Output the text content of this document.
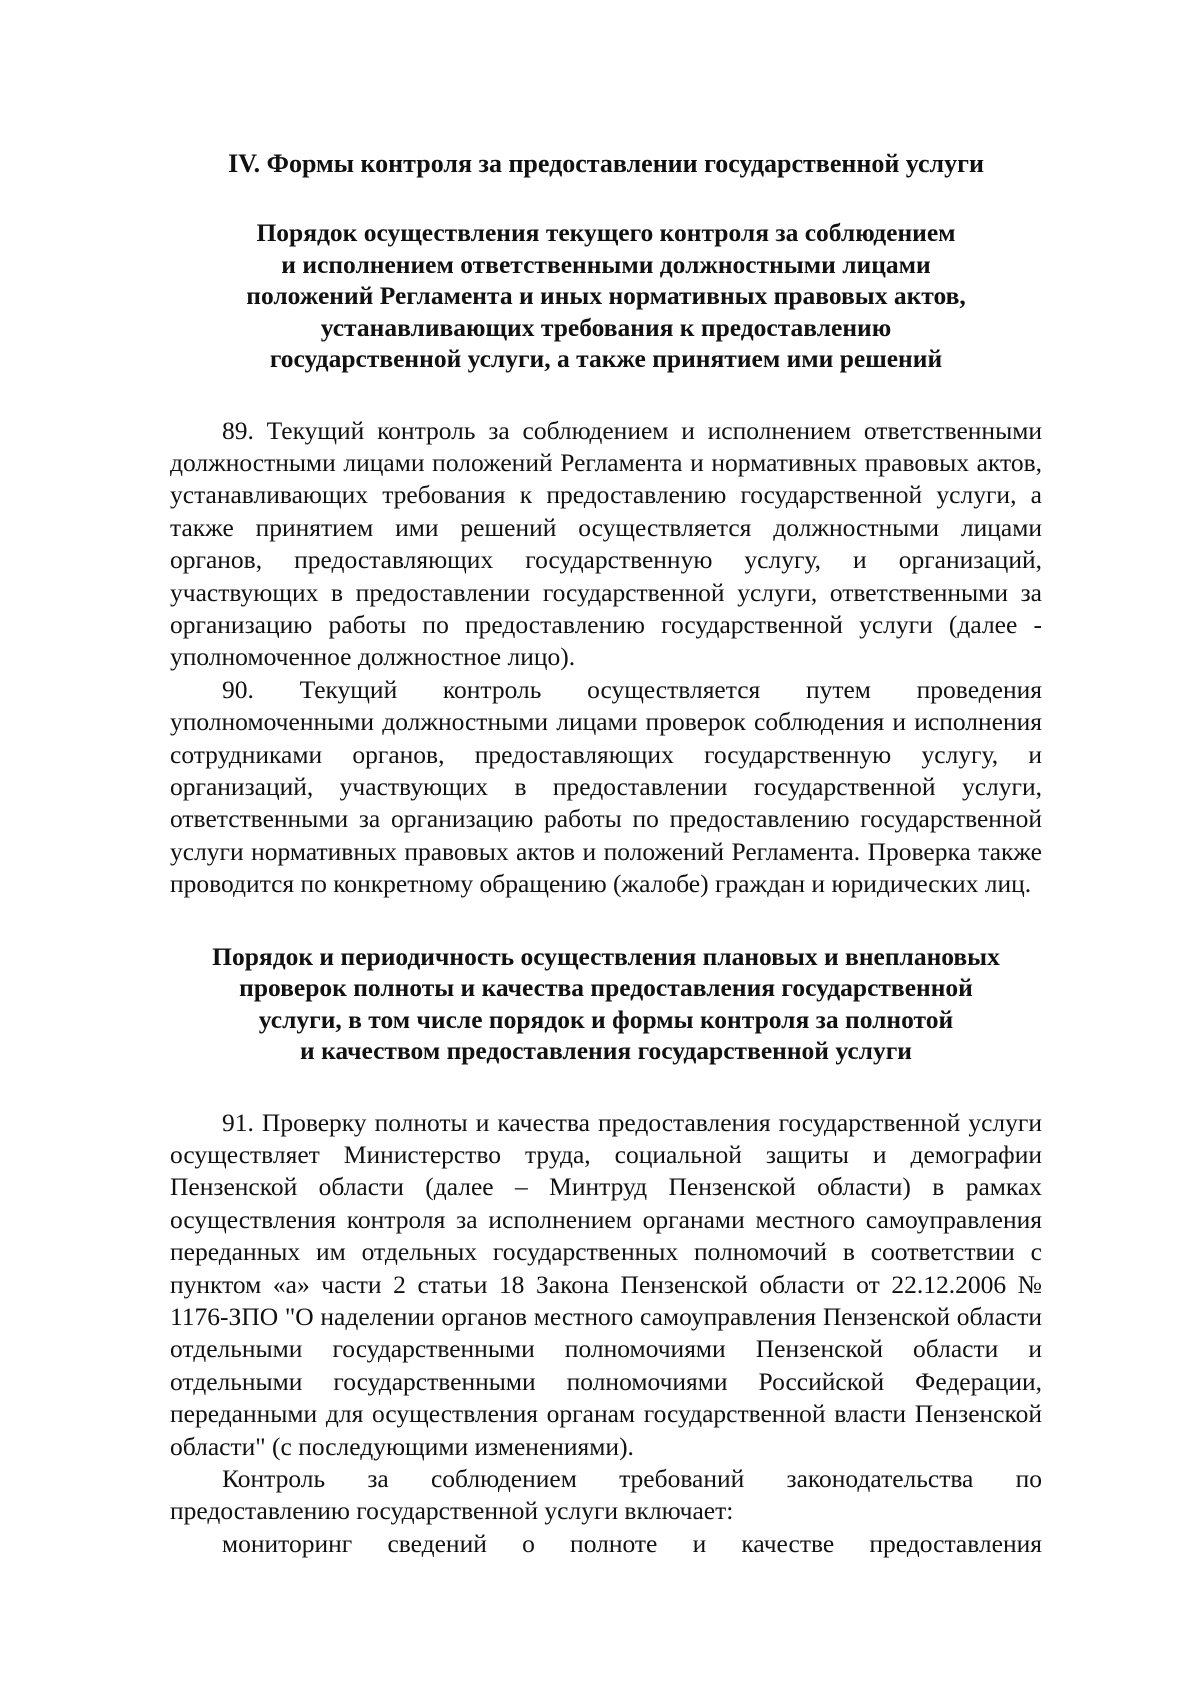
IV. Формы контроля за предоставлении государственной услуги
Порядок осуществления текущего контроля за соблюдением
и исполнением ответственными должностными лицами
положений Регламента и иных нормативных правовых актов,
устанавливающих требования к предоставлению
государственной услуги, а также принятием ими решений

89. Текущий контроль за соблюдением и исполнением ответственными должностными лицами положений Регламента и нормативных правовых актов, устанавливающих требования к предоставлению государственной услуги, а также принятием ими решений осуществляется должностными лицами органов, предоставляющих государственную услугу, и организаций, участвующих в предоставлении государственной услуги, ответственными за организацию работы по предоставлению государственной услуги (далее - уполномоченное должностное лицо).

90. Текущий контроль осуществляется путем проведения уполномоченными должностными лицами проверок соблюдения и исполнения сотрудниками органов, предоставляющих государственную услугу, и организаций, участвующих в предоставлении государственной услуги, ответственными за организацию работы по предоставлению государственной услуги нормативных правовых актов и положений Регламента. Проверка также проводится по конкретному обращению (жалобе) граждан и юридических лиц.

Порядок и периодичность осуществления плановых и внеплановых
проверок полноты и качества предоставления государственной
услуги, в том числе порядок и формы контроля за полнотой
и качеством предоставления государственной услуги

91. Проверку полноты и качества предоставления государственной услуги осуществляет Министерство труда, социальной защиты и демографии Пензенской области (далее – Минтруд Пензенской области) в рамках осуществления контроля за исполнением органами местного самоуправления переданных им отдельных государственных полномочий в соответствии с пунктом «а» части 2 статьи 18 Закона Пензенской области от 22.12.2006 № 1176-ЗПО "О наделении органов местного самоуправления Пензенской области отдельными государственными полномочиями Пензенской области и отдельными государственными полномочиями Российской Федерации, переданными для осуществления органам государственной власти Пензенской области" (с последующими изменениями).

Контроль за соблюдением требований законодательства по предоставлению государственной услуги включает:

мониторинг сведений о полноте и качестве предоставления
